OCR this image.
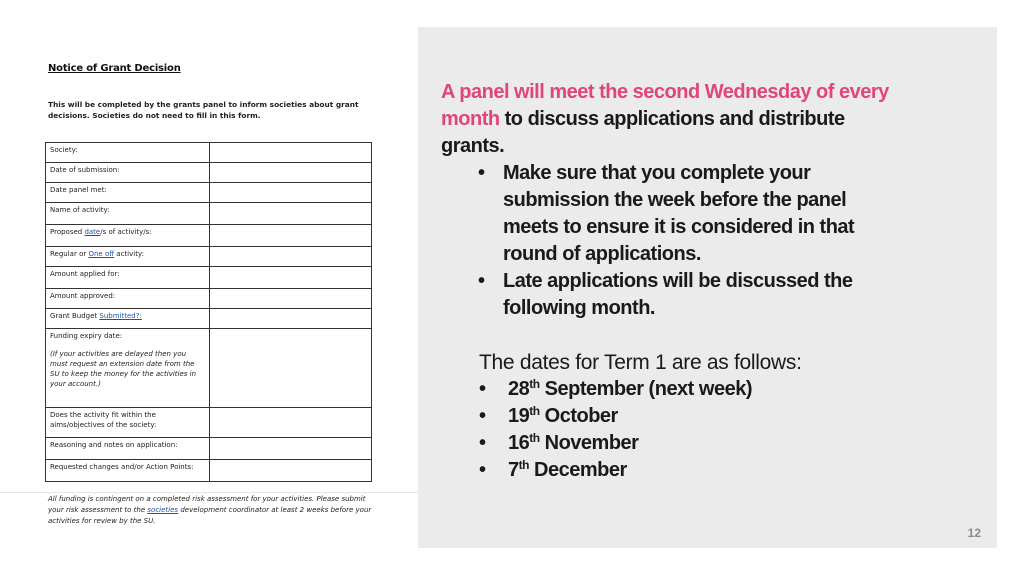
Notice of Grant Decision
This will be completed by the grants panel to inform societies about grant decisions. Societies do not need to fill in this form.
Society:	
Date of submission:	
Date panel met:	
Name of activity:	
Proposed date/s of activity/s:	
Regular or One off activity:	
Amount applied for:	
Amount approved:	
Grant Budget Submitted?:	
Funding expiry date:
(If your activities are delayed then you must request an extension date from the SU to keep the money for the activities in your account.)	

Does the activity fit within the aims/objectives of the society:	
Reasoning and notes on application:	
Requested changes and/or Action Points:	
All funding is contingent on a completed risk assessment for your activities. Please submit your risk assessment to the societies development coordinator at least 2 weeks before your activities for review by the SU.
A panel will meet the second Wednesday of every month to discuss applications and distribute grants.
• Make sure that you complete your submission the week before the panel meets to ensure it is considered in that round of applications.
• Late applications will be discussed the following month.
The dates for Term 1 are as follows:
• 28th September (next week)
• 19th October
• 16th November
• 7th December
12
